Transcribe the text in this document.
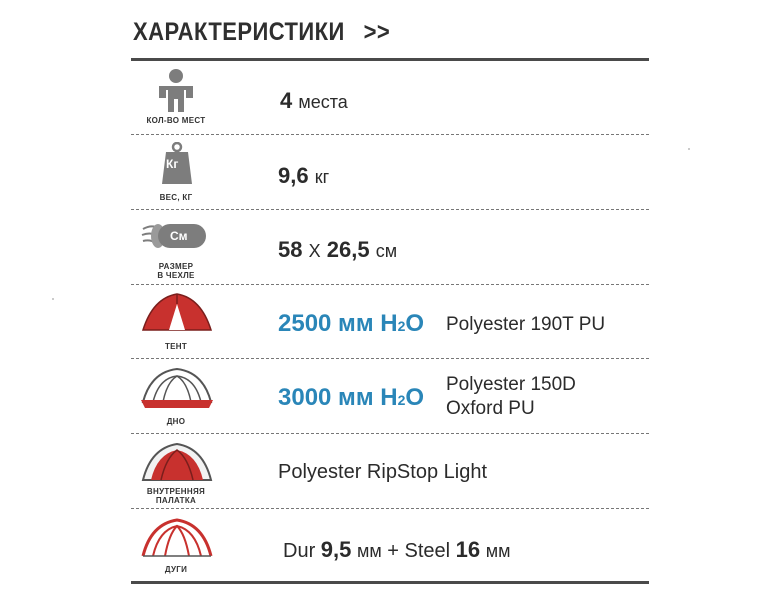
ХАРАКТЕРИСТИКИ >>
КОЛ-ВО МЕСТ
4 места
Кг
ВЕС, КГ
9,6 кг
См
РАЗМЕР
В ЧЕХЛЕ
58 Х 26,5 см
ТЕНТ
2500 мм H2O Polyester 190T PU
ДНО
3000 мм H2O Polyester 150D
Oxford PU
ВНУТРЕННЯЯ
ПАЛАТКА
Polyester RipStop Light
ДУГИ
Dur 9,5 мм + Steel 16 мм
